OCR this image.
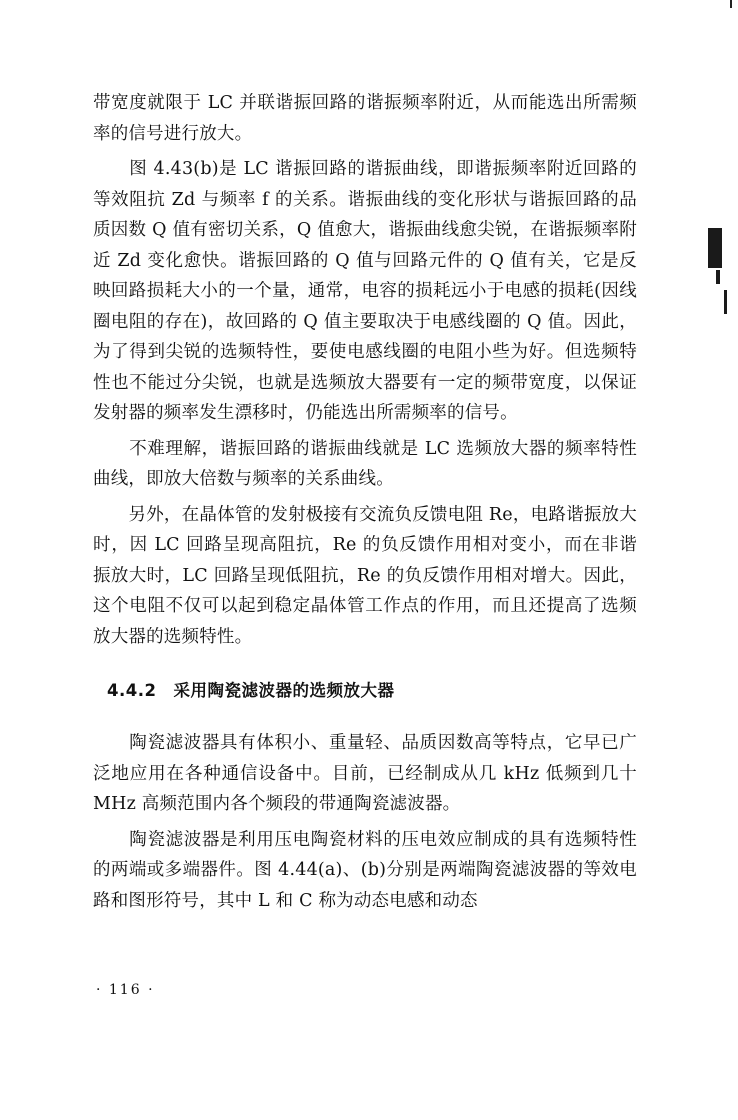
带宽度就限于 LC 并联谐振回路的谐振频率附近，从而能选出所需频率的信号进行放大。

　　图 4.43(b)是 LC 谐振回路的谐振曲线，即谐振频率附近回路的等效阻抗 Zd 与频率 f 的关系。谐振曲线的变化形状与谐振回路的品质因数 Q 值有密切关系，Q 值愈大，谐振曲线愈尖锐，在谐振频率附近 Zd 变化愈快。谐振回路的 Q 值与回路元件的 Q 值有关，它是反映回路损耗大小的一个量，通常，电容的损耗远小于电感的损耗(因线圈电阻的存在)，故回路的 Q 值主要取决于电感线圈的 Q 值。因此，为了得到尖锐的选频特性，要使电感线圈的电阻小些为好。但选频特性也不能过分尖锐，也就是选频放大器要有一定的频带宽度，以保证发射器的频率发生漂移时，仍能选出所需频率的信号。

　　不难理解，谐振回路的谐振曲线就是 LC 选频放大器的频率特性曲线，即放大倍数与频率的关系曲线。

　　另外，在晶体管的发射极接有交流负反馈电阻 Re，电路谐振放大时，因 LC 回路呈现高阻抗，Re 的负反馈作用相对变小，而在非谐振放大时，LC 回路呈现低阻抗，Re 的负反馈作用相对增大。因此，这个电阻不仅可以起到稳定晶体管工作点的作用，而且还提高了选频放大器的选频特性。

4.4.2　采用陶瓷滤波器的选频放大器

　　陶瓷滤波器具有体积小、重量轻、品质因数高等特点，它早已广泛地应用在各种通信设备中。目前，已经制成从几 kHz 低频到几十 MHz 高频范围内各个频段的带通陶瓷滤波器。

　　陶瓷滤波器是利用压电陶瓷材料的压电效应制成的具有选频特性的两端或多端器件。图 4.44(a)、(b)分别是两端陶瓷滤波器的等效电路和图形符号，其中 L 和 C 称为动态电感和动态

· 116 ·
